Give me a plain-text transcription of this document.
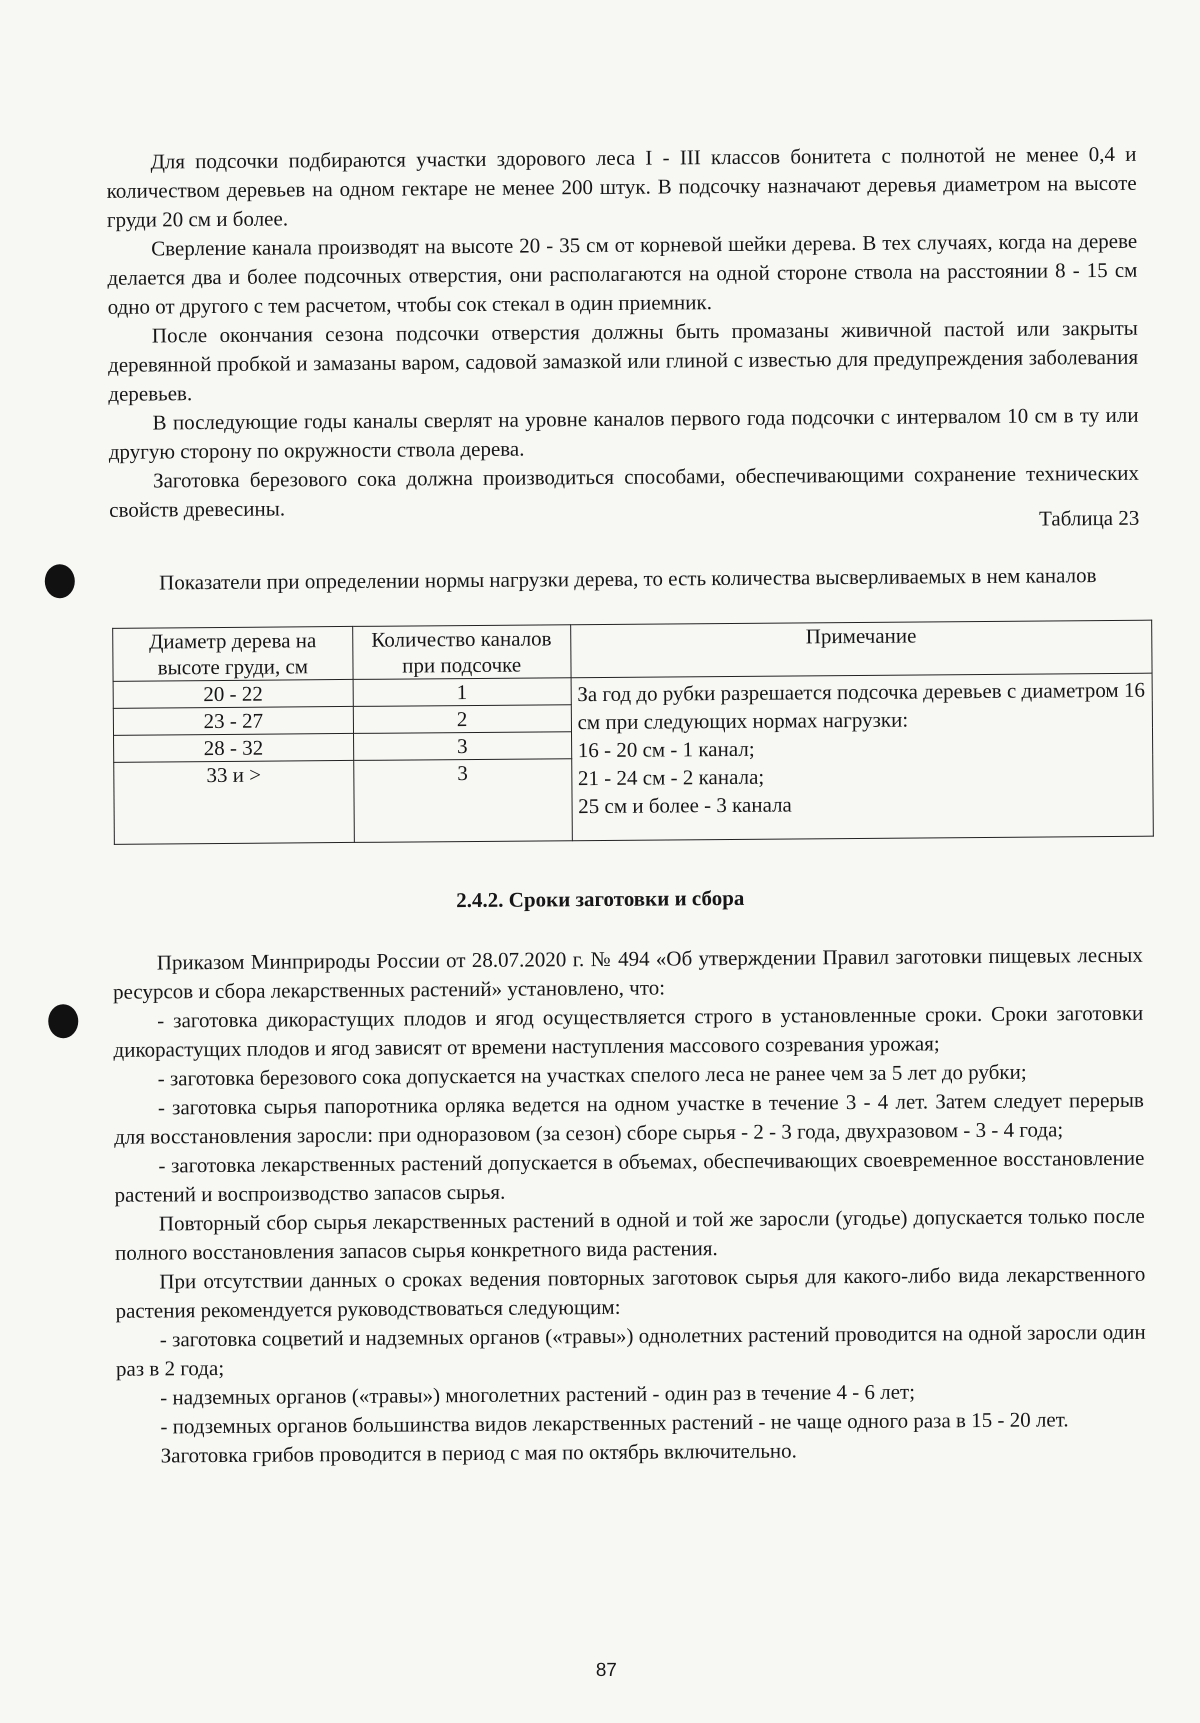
Для подсочки подбираются участки здорового леса I - III классов бонитета с полнотой не менее 0,4 и количеством деревьев на одном гектаре не менее 200 штук. В подсочку назначают деревья диаметром на высоте груди 20 см и более.

Сверление канала производят на высоте 20 - 35 см от корневой шейки дерева. В тех случаях, когда на дереве делается два и более подсочных отверстия, они располагаются на одной стороне ствола на расстоянии 8 - 15 см одно от другого с тем расчетом, чтобы сок стекал в один приемник.

После окончания сезона подсочки отверстия должны быть промазаны живичной пастой или закрыты деревянной пробкой и замазаны варом, садовой замазкой или глиной с известью для предупреждения заболевания деревьев.

В последующие годы каналы сверлят на уровне каналов первого года подсочки с интервалом 10 см в ту или другую сторону по окружности ствола дерева.

Заготовка березового сока должна производиться способами, обеспечивающими сохранение технических свойств древесины.	Таблица 23
Показатели при определении нормы нагрузки дерева, то есть количества высверливаемых в нем каналов
Диаметр дерева на высоте груди, см	Количество каналов при подсочке	Примечание
20 - 22	1	За год до рубки разрешается подсочка деревьев с диаметром 16 см при следующих нормах нагрузки:
16 - 20 см - 1 канал;
21 - 24 см - 2 канала;
25 см и более - 3 канала

23 - 27	2	
28 - 32	3	
33 и >	3	
2.4.2. Сроки заготовки и сбора

Приказом Минприроды России от 28.07.2020 г. № 494 «Об утверждении Правил заготовки пищевых лесных ресурсов и сбора лекарственных растений» установлено, что:

- заготовка дикорастущих плодов и ягод осуществляется строго в установленные сроки. Сроки заготовки дикорастущих плодов и ягод зависят от времени наступления массового созревания урожая;

- заготовка березового сока допускается на участках спелого леса не ранее чем за 5 лет до рубки;

- заготовка сырья папоротника орляка ведется на одном участке в течение 3 - 4 лет. Затем следует перерыв для восстановления заросли: при одноразовом (за сезон) сборе сырья - 2 - 3 года, двухразовом - 3 - 4 года;

- заготовка лекарственных растений допускается в объемах, обеспечивающих своевременное восстановление растений и воспроизводство запасов сырья.

Повторный сбор сырья лекарственных растений в одной и той же заросли (угодье) допускается только после полного восстановления запасов сырья конкретного вида растения.

При отсутствии данных о сроках ведения повторных заготовок сырья для какого-либо вида лекарственного растения рекомендуется руководствоваться следующим:

- заготовка соцветий и надземных органов («травы») однолетних растений проводится на одной заросли один раз в 2 года;

- надземных органов («травы») многолетних растений - один раз в течение 4 - 6 лет;

- подземных органов большинства видов лекарственных растений - не чаще одного раза в 15 - 20 лет.

Заготовка грибов проводится в период с мая по октябрь включительно.

87
